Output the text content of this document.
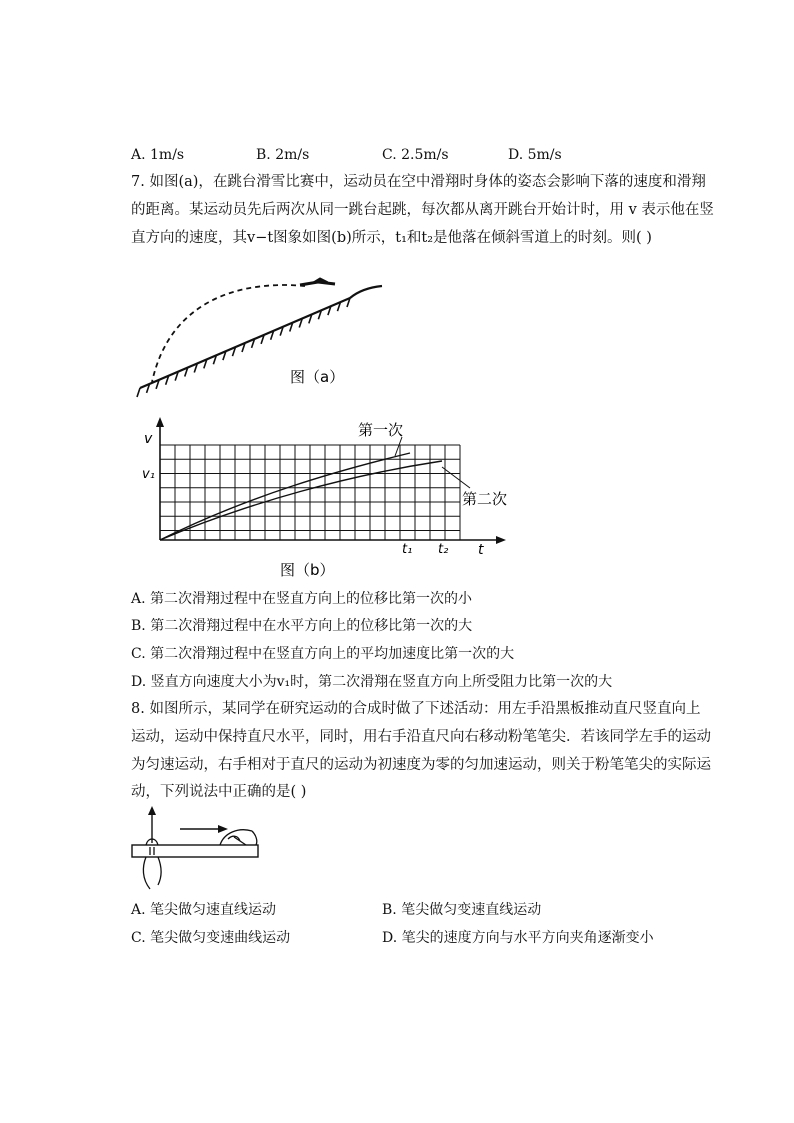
A. 1m/s	B. 2m/s	C. 2.5m/s	D. 5m/s
7. 如图(a)，在跳台滑雪比赛中，运动员在空中滑翔时身体的姿态会影响下落的速度和滑翔
的距离。某运动员先后两次从同一跳台起跳，每次都从离开跳台开始计时，用 v 表示他在竖
直方向的速度，其v−t图象如图(b)所示，t₁和t₂是他落在倾斜雪道上的时刻。则( )
图（a）
v
v₁
t
t₁ t₂
第一次
第二次
图（b）
A. 第二次滑翔过程中在竖直方向上的位移比第一次的小
B. 第二次滑翔过程中在水平方向上的位移比第一次的大
C. 第二次滑翔过程中在竖直方向上的平均加速度比第一次的大
D. 竖直方向速度大小为v₁时，第二次滑翔在竖直方向上所受阻力比第一次的大
8. 如图所示，某同学在研究运动的合成时做了下述活动：用左手沿黑板推动直尺竖直向上
运动，运动中保持直尺水平，同时，用右手沿直尺向右移动粉笔笔尖．若该同学左手的运动
为匀速运动，右手相对于直尺的运动为初速度为零的匀加速运动，则关于粉笔笔尖的实际运
动，下列说法中正确的是( )
A. 笔尖做匀速直线运动	B. 笔尖做匀变速直线运动
C. 笔尖做匀变速曲线运动	D. 笔尖的速度方向与水平方向夹角逐渐变小
